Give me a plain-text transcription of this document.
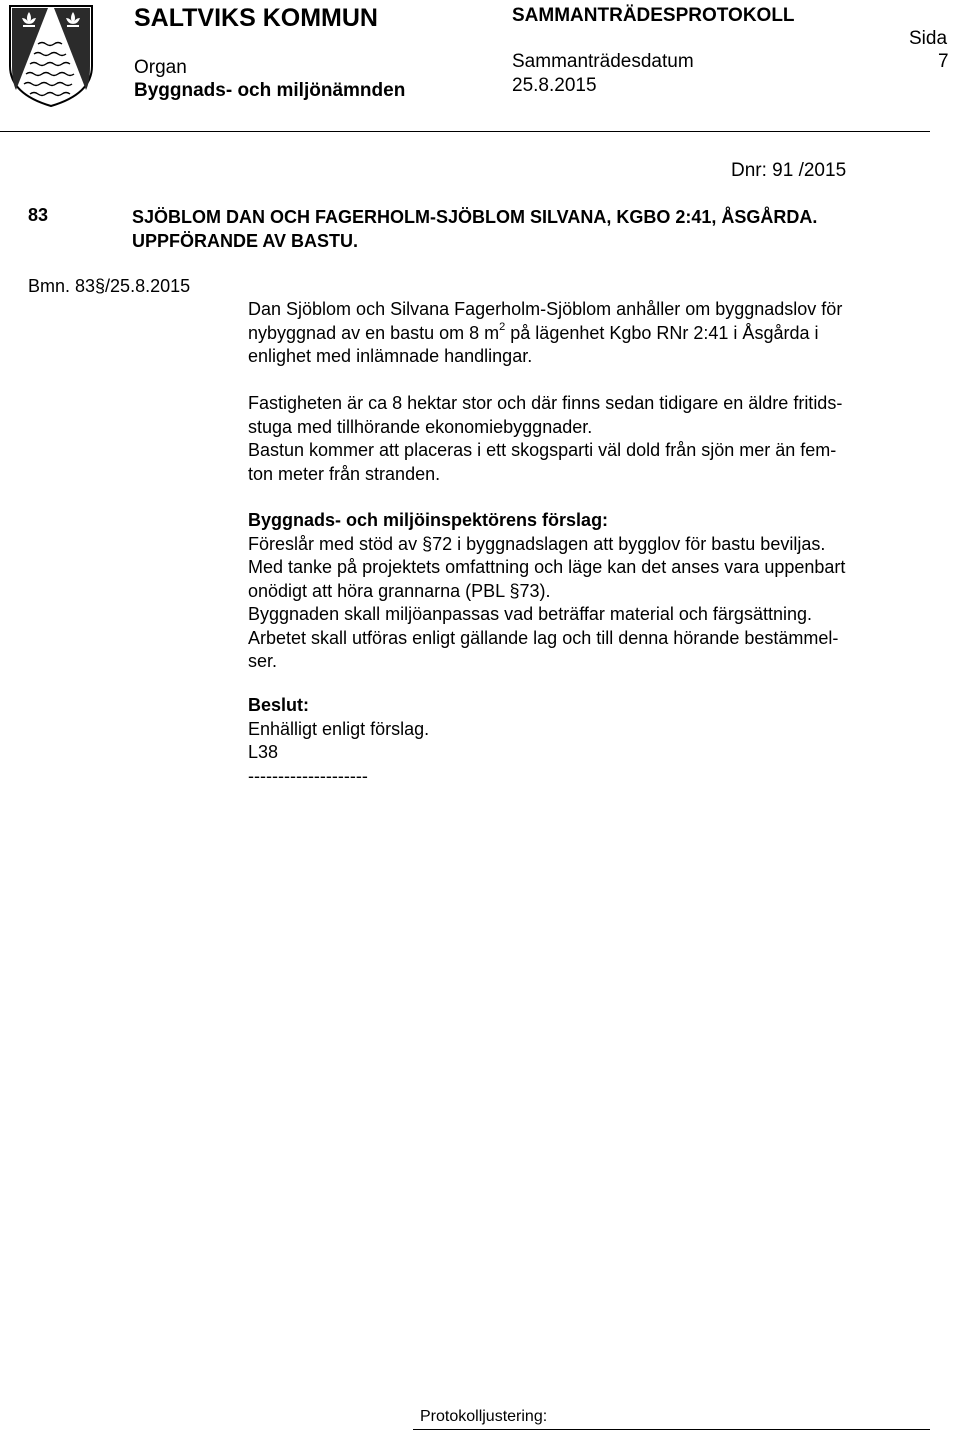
SALTVIKS KOMMUN	SAMMANTRÄDESPROTOKOLL
Organ
Byggnads- och miljönämnden
Sammanträdesdatum
25.8.2015
Sida
7
Dnr: 91 /2015
83	SJÖBLOM DAN OCH FAGERHOLM-SJÖBLOM SILVANA, KGBO 2:41, ÅSGÅRDA.
UPPFÖRANDE AV BASTU.
Bmn. 83§/25.8.2015

Dan Sjöblom och Silvana Fagerholm-Sjöblom anhåller om byggnadslov för

nybyggnad av en bastu om 8 $m^2$ på lägenhet Kgbo RNr 2:41 i Åsgårda i

enlighet med inlämnade handlingar.

Fastigheten är ca 8 hektar stor och där finns sedan tidigare en äldre fritids-

stuga med tillhörande ekonomiebyggnader.

Bastun kommer att placeras i ett skogsparti väl dold från sjön mer än fem-

ton meter från stranden.

Byggnads- och miljöinspektörens förslag:

Föreslår med stöd av §72 i byggnadslagen att bygglov för bastu beviljas.

Med tanke på projektets omfattning och läge kan det anses vara uppenbart

onödigt att höra grannarna (PBL §73).

Byggnaden skall miljöanpassas vad beträffar material och färgsättning.

Arbetet skall utföras enligt gällande lag och till denna hörande bestämmel-

ser.

Beslut:

Enhälligt enligt förslag.

L38

--------------------

Protokolljustering:
